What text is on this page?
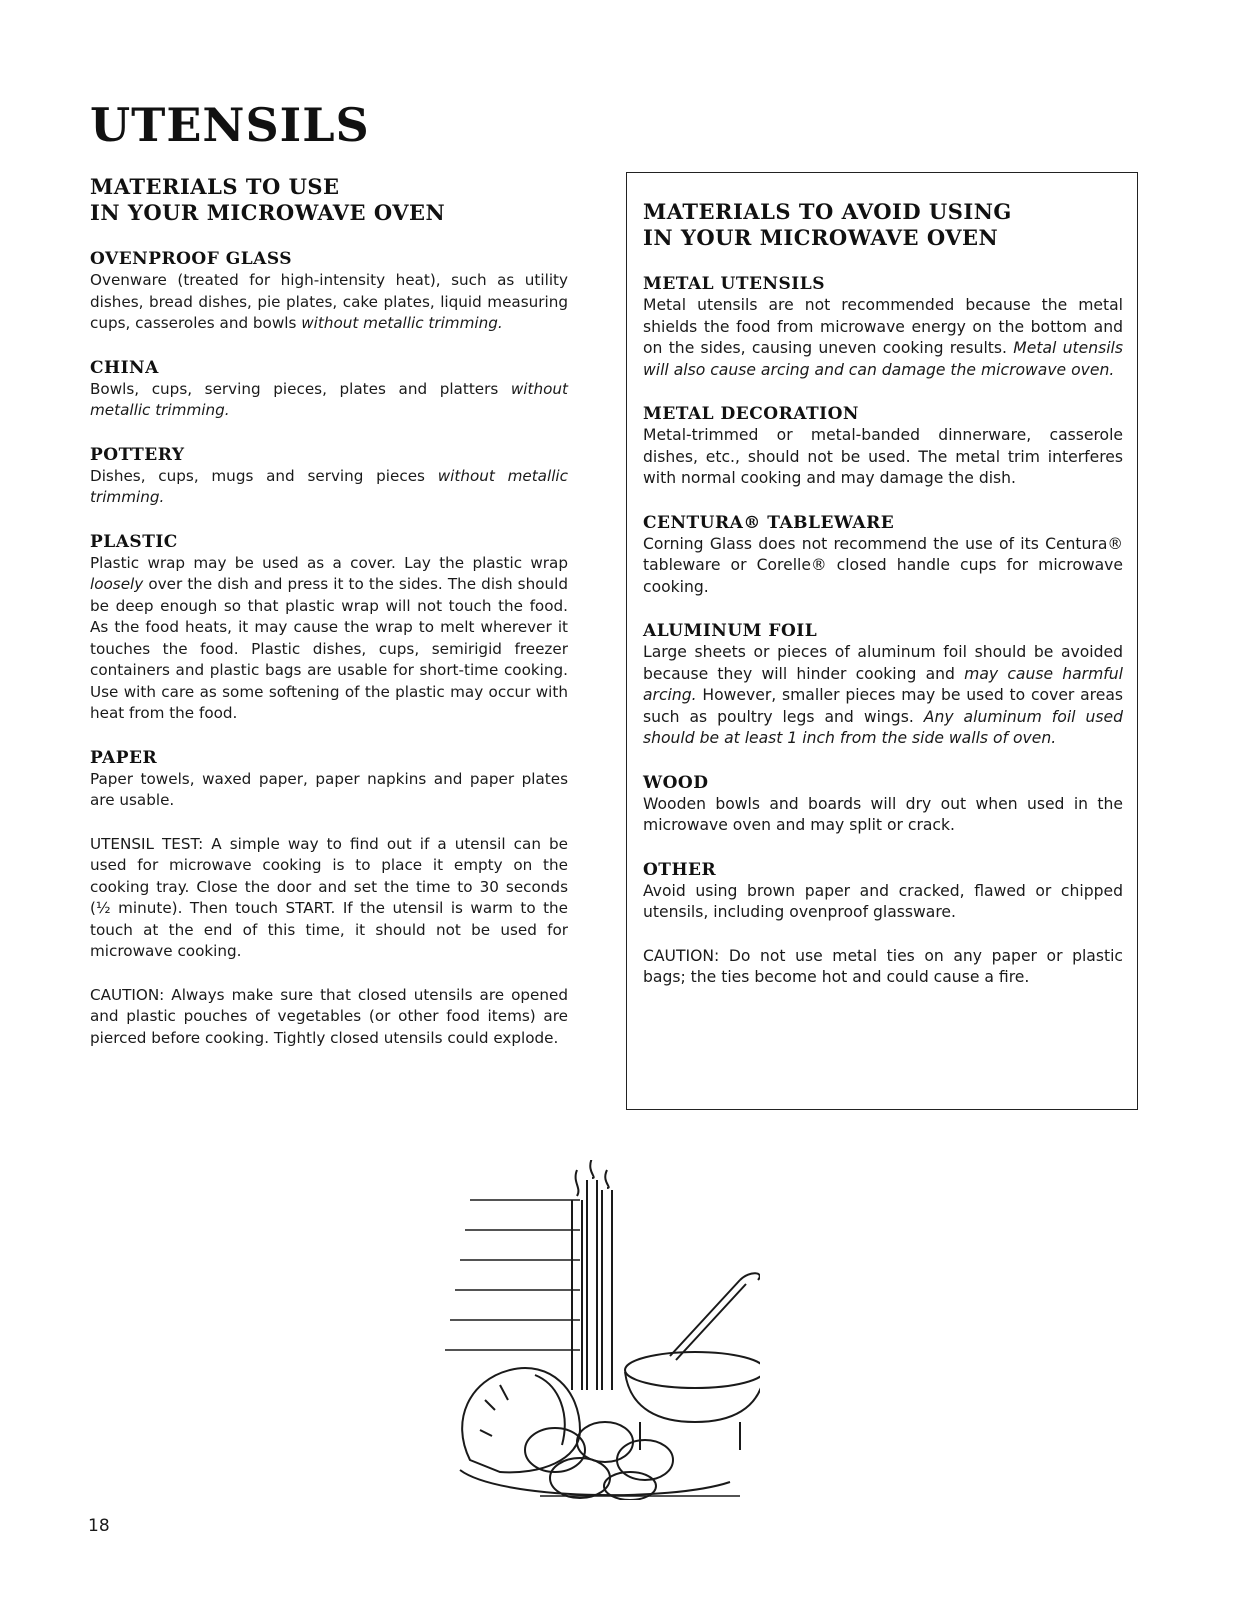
UTENSILS
MATERIALS TO USE
IN YOUR MICROWAVE OVEN
OVENPROOF GLASS

Ovenware (treated for high-intensity heat), such as utility dishes, bread dishes, pie plates, cake plates, liquid measuring cups, casseroles and bowls without metallic trimming.

CHINA

Bowls, cups, serving pieces, plates and platters without metallic trimming.

POTTERY

Dishes, cups, mugs and serving pieces without metallic trimming.

PLASTIC

Plastic wrap may be used as a cover. Lay the plastic wrap loosely over the dish and press it to the sides. The dish should be deep enough so that plastic wrap will not touch the food. As the food heats, it may cause the wrap to melt wherever it touches the food. Plastic dishes, cups, semirigid freezer containers and plastic bags are usable for short-time cooking. Use with care as some softening of the plastic may occur with heat from the food.

PAPER

Paper towels, waxed paper, paper napkins and paper plates are usable.

UTENSIL TEST: A simple way to find out if a utensil can be used for microwave cooking is to place it empty on the cooking tray. Close the door and set the time to 30 seconds (½ minute). Then touch START. If the utensil is warm to the touch at the end of this time, it should not be used for microwave cooking.

CAUTION: Always make sure that closed utensils are opened and plastic pouches of vegetables (or other food items) are pierced before cooking. Tightly closed utensils could explode.

MATERIALS TO AVOID USING
IN YOUR MICROWAVE OVEN
METAL UTENSILS

Metal utensils are not recommended because the metal shields the food from microwave energy on the bottom and on the sides, causing uneven cooking results. Metal utensils will also cause arcing and can damage the microwave oven.

METAL DECORATION

Metal-trimmed or metal-banded dinnerware, casserole dishes, etc., should not be used. The metal trim interferes with normal cooking and may damage the dish.

CENTURA® TABLEWARE

Corning Glass does not recommend the use of its Centura® tableware or Corelle® closed handle cups for microwave cooking.

ALUMINUM FOIL

Large sheets or pieces of aluminum foil should be avoided because they will hinder cooking and may cause harmful arcing. However, smaller pieces may be used to cover areas such as poultry legs and wings. Any aluminum foil used should be at least 1 inch from the side walls of oven.

WOOD

Wooden bowls and boards will dry out when used in the microwave oven and may split or crack.

OTHER

Avoid using brown paper and cracked, flawed or chipped utensils, including ovenproof glassware.

CAUTION: Do not use metal ties on any paper or plastic bags; the ties become hot and could cause a fire.

18
